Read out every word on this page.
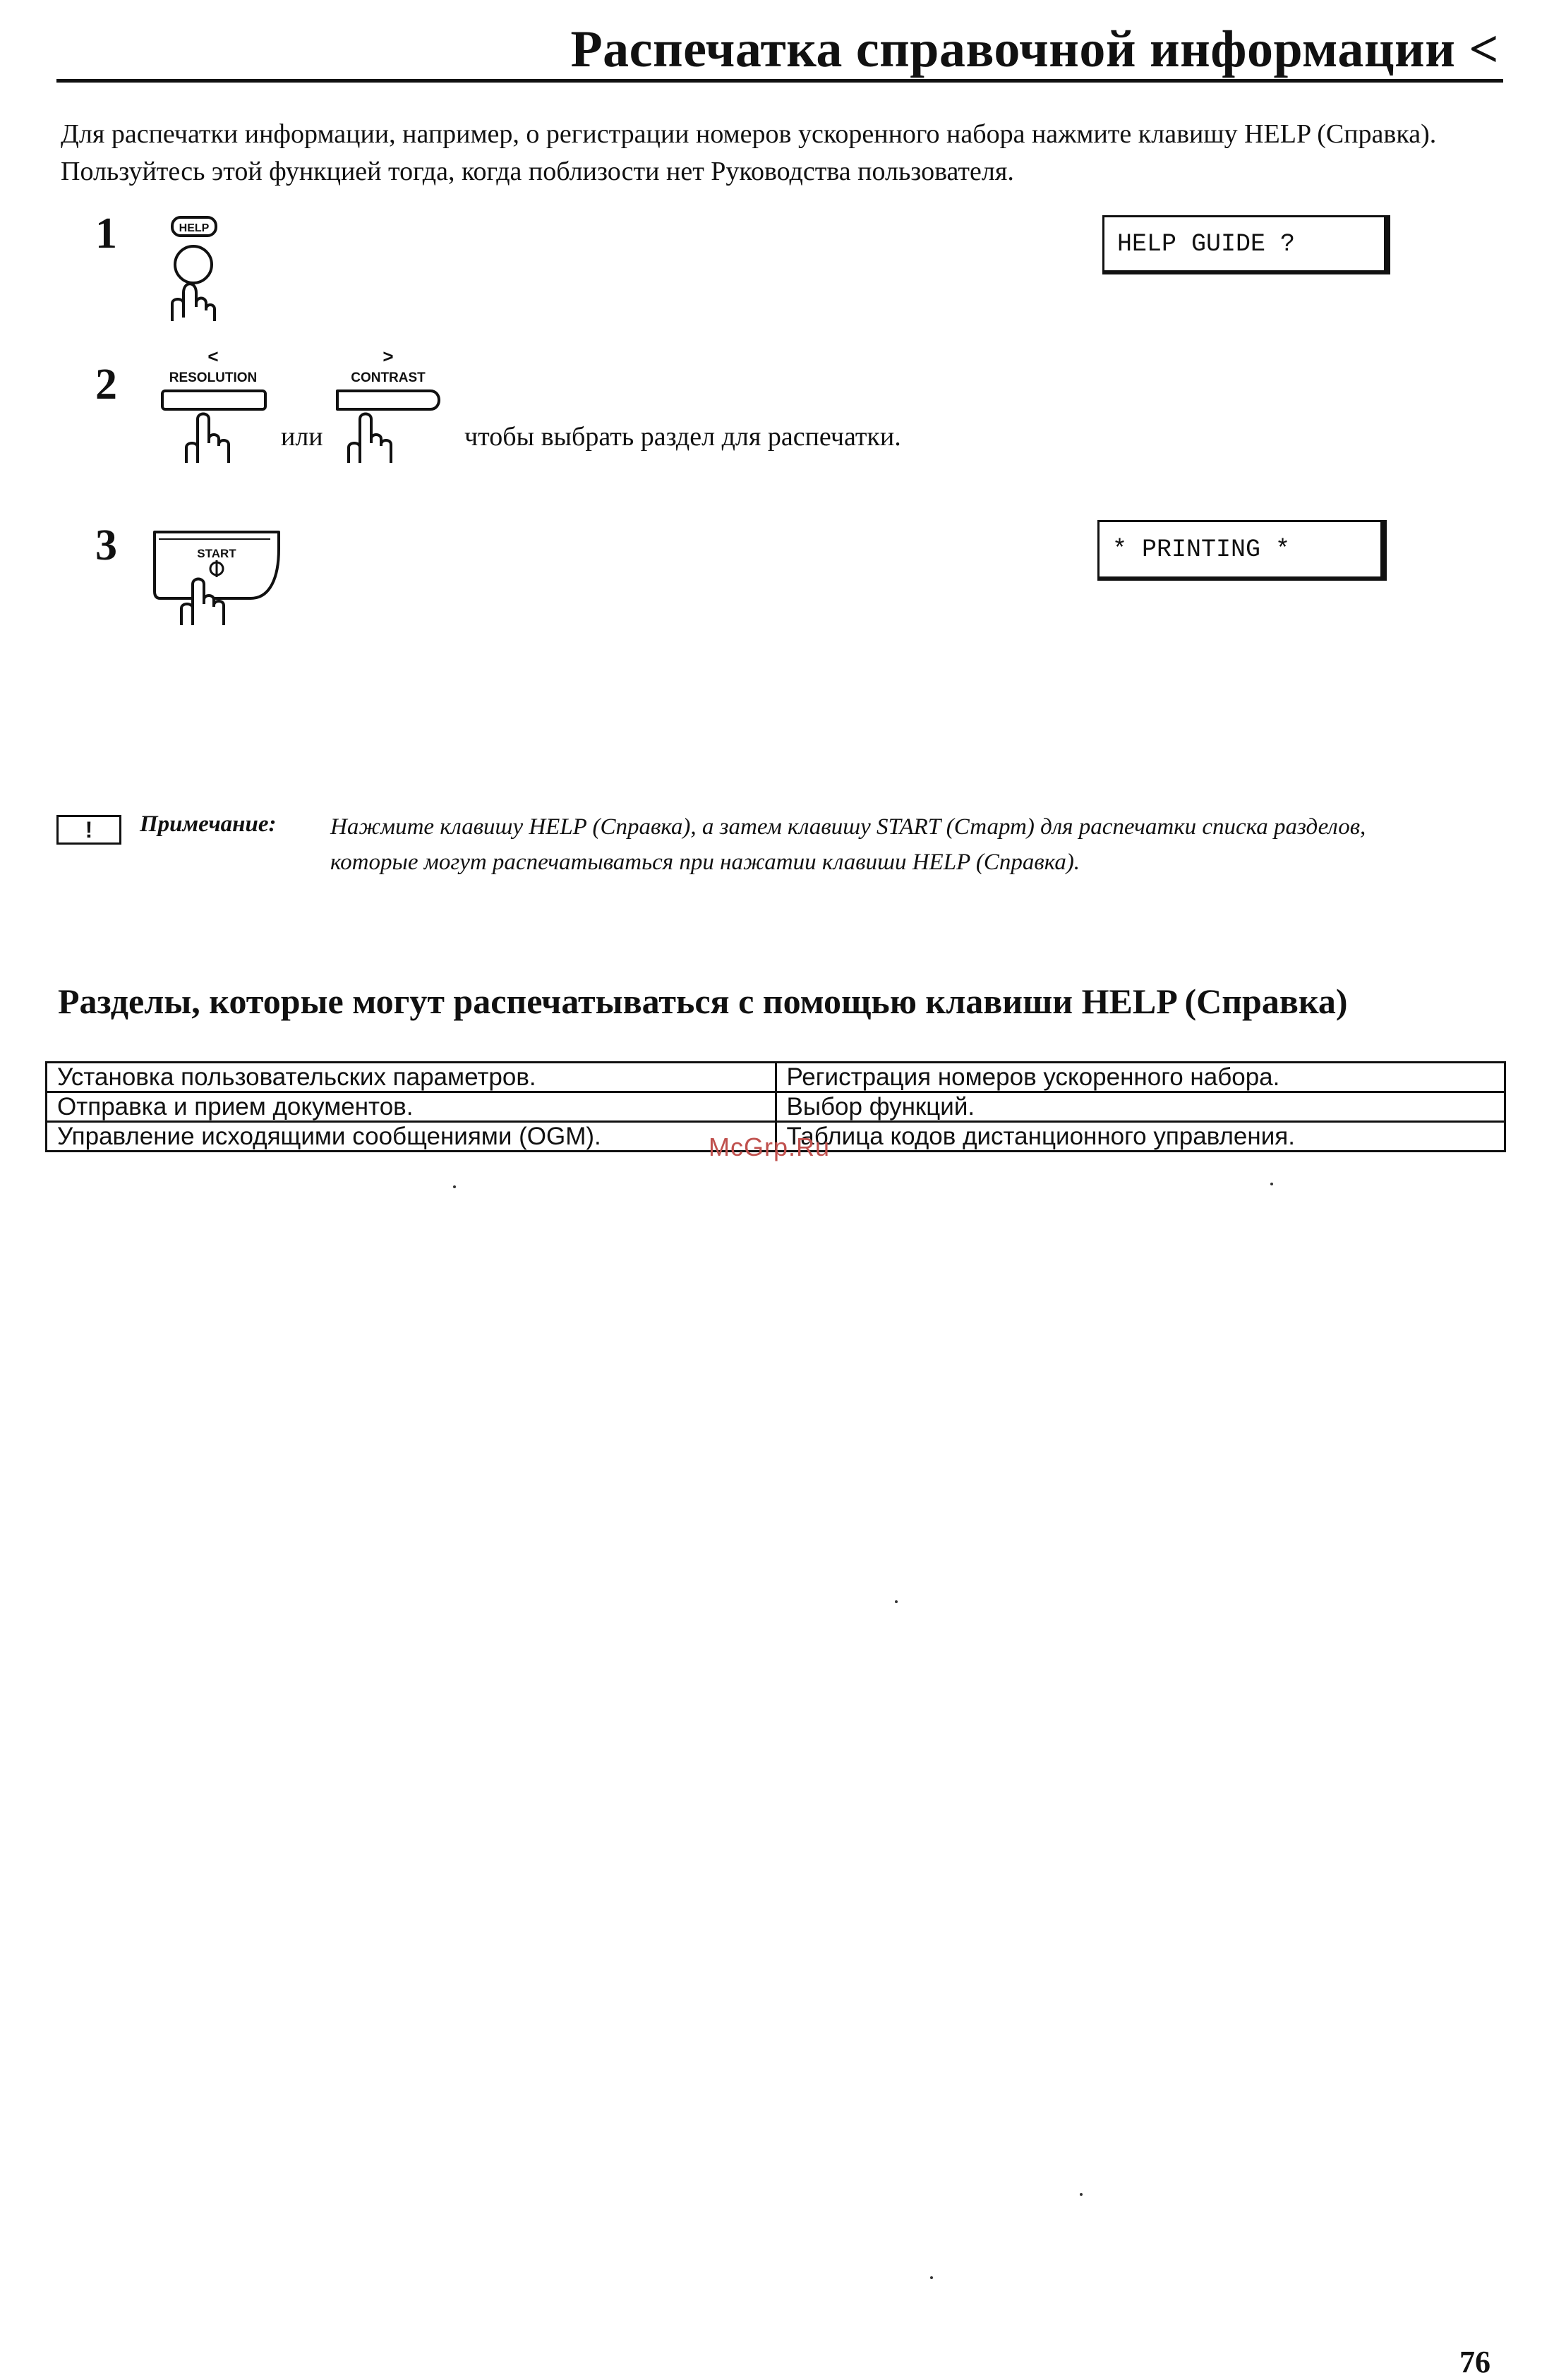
Распечатка справочной информации <

Для распечатки информации, например, о регистрации номеров ускоренного набора нажмите клавишу HELP (Справка). Пользуйтесь этой функцией тогда, когда поблизости нет Руководства пользователя.

1	HELP
HELP GUIDE ?
2
<
RESOLUTION
или
>
CONTRAST
чтобы выбрать раздел для распечатки.
3	START	* PRINTING *
!	Примечание: Нажмите клавишу HELP (Справка), а затем клавишу START (Старт) для распечатки списка разделов, которые могут распечатываться при нажатии клавиши HELP (Справка).

Разделы, которые могут распечатываться с помощью клавиши HELP (Справка)
Установка пользовательских параметров.	Регистрация номеров ускоренного набора.
Отправка и прием документов.	Выбор функций.
Управление исходящими сообщениями (OGM).	Таблица кодов дистанционного управления.
McGrp.Ru

76
